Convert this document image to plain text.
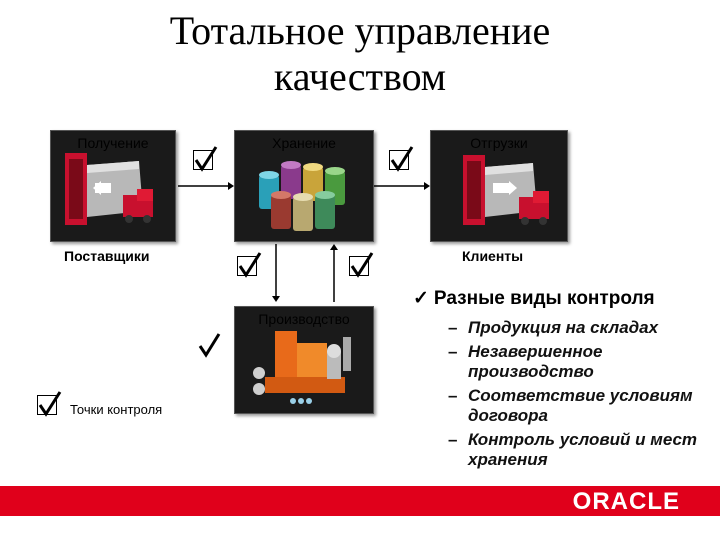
Тотальное управление
качеством
Получение	Хранение	Отгрузки
Производство
Поставщики	Клиенты
Точки контроля
✓ Разные виды контроля
– Продукция на складах
– Незавершенное производство
– Соответствие условиям договора
– Контроль условий и мест хранения
ORACLE
